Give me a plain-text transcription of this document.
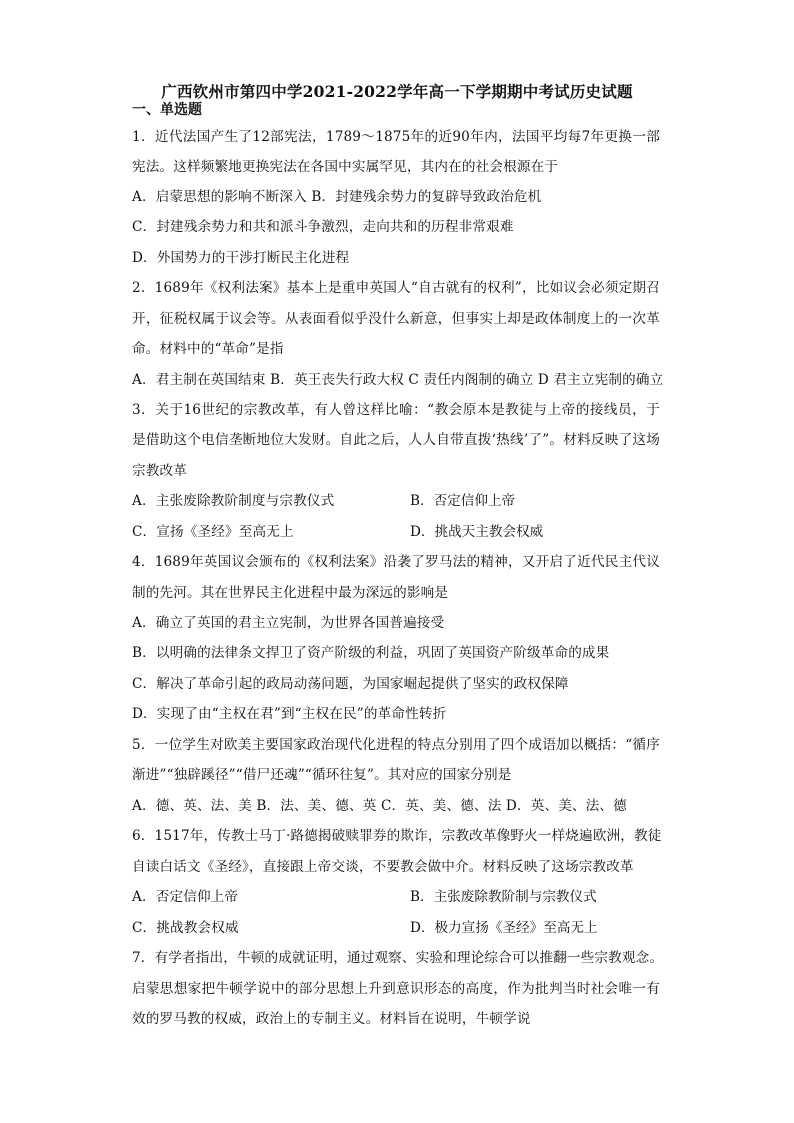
广西钦州市第四中学2021-2022学年高一下学期期中考试历史试题
一、单选题
1．近代法国产生了12部宪法，1789～1875年的近90年内，法国平均每7年更换一部
宪法。这样频繁地更换宪法在各国中实属罕见，其内在的社会根源在于
A．启蒙思想的影响不断深入 B．封建残余势力的复辟导致政治危机
C．封建残余势力和共和派斗争激烈，走向共和的历程非常艰难
D．外国势力的干涉打断民主化进程
2．1689年《权利法案》基本上是重申英国人“自古就有的权利”，比如议会必须定期召
开，征税权属于议会等。从表面看似乎没什么新意，但事实上却是政体制度上的一次革
命。材料中的“革命”是指
A．君主制在英国结束 B．英王丧失行政大权 C 责任内阁制的确立 D 君主立宪制的确立
3．关于16世纪的宗教改革，有人曾这样比喻：“教会原本是教徒与上帝的接线员，于
是借助这个电信垄断地位大发财。自此之后，人人自带直拨‘热线’了”。材料反映了这场
宗教改革
A．主张废除教阶制度与宗教仪式	B．否定信仰上帝
C．宣扬《圣经》至高无上	D．挑战天主教会权威
4．1689年英国议会颁布的《权利法案》沿袭了罗马法的精神，又开启了近代民主代议
制的先河。其在世界民主化进程中最为深远的影响是
A．确立了英国的君主立宪制，为世界各国普遍接受
B．以明确的法律条文捍卫了资产阶级的利益，巩固了英国资产阶级革命的成果
C．解决了革命引起的政局动荡问题，为国家崛起提供了坚实的政权保障
D．实现了由“主权在君”到“主权在民”的革命性转折
5．一位学生对欧美主要国家政治现代化进程的特点分别用了四个成语加以概括：“循序
渐进”“独辟蹊径”“借尸还魂”“循环往复”。其对应的国家分别是
A．德、英、法、美 B．法、美、德、英 C．英、美、德、法 D．英、美、法、德
6．1517年，传教士马丁·路德揭破赎罪券的欺诈，宗教改革像野火一样烧遍欧洲，教徒
自读白话文《圣经》，直接跟上帝交谈，不要教会做中介。材料反映了这场宗教改革
A．否定信仰上帝	B．主张废除教阶制与宗教仪式
C．挑战教会权威	D．极力宣扬《圣经》至高无上
7．有学者指出，牛顿的成就证明，通过观察、实验和理论综合可以推翻一些宗教观念。
启蒙思想家把牛顿学说中的部分思想上升到意识形态的高度，作为批判当时社会唯一有
效的罗马教的权威，政治上的专制主义。材料旨在说明，牛顿学说
